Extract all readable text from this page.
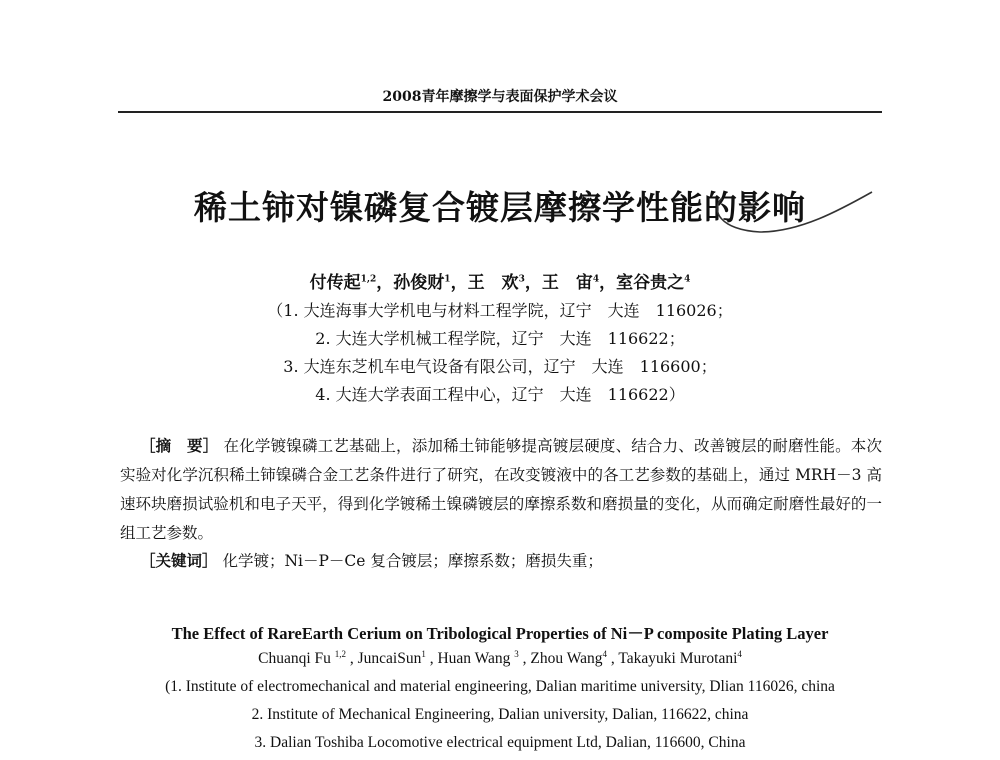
2008青年摩擦学与表面保护学术会议
稀土铈对镍磷复合镀层摩擦学性能的影响
付传起$^{1,2}$，孙俊财$^1$，王　欢$^3$，王　宙$^4$，室谷贵之$^4$
（1. 大连海事大学机电与材料工程学院，辽宁　大连　116026；
2. 大连大学机械工程学院，辽宁　大连　116622；
3. 大连东芝机车电气设备有限公司，辽宁　大连　116600；
4. 大连大学表面工程中心，辽宁　大连　116622）
［摘　要］ 在化学镀镍磷工艺基础上，添加稀土铈能够提高镀层硬度、结合力、改善镀层的耐磨性能。本次实验对化学沉积稀土铈镍磷合金工艺条件进行了研究，在改变镀液中的各工艺参数的基础上，通过 MRH－3 高速环块磨损试验机和电子天平，得到化学镀稀土镍磷镀层的摩擦系数和磨损量的变化，从而确定耐磨性最好的一组工艺参数。
［关键词］ 化学镀；Ni－P－Ce 复合镀层；摩擦系数；磨损失重；
The Effect of RareEarth Cerium on Tribological Properties of Ni－P composite Plating Layer
Chuanqi Fu $^{1,2}$ , JuncaiSun$^1$ , Huan Wang $^3$ , Zhou Wang$^4$ , Takayuki Murotani$^4$
(1. Institute of electromechanical and material engineering, Dalian maritime university, Dlian 116026, china
2. Institute of Mechanical Engineering, Dalian university, Dalian, 116622, china
3. Dalian Toshiba Locomotive electrical equipment Ltd, Dalian, 116600, China
